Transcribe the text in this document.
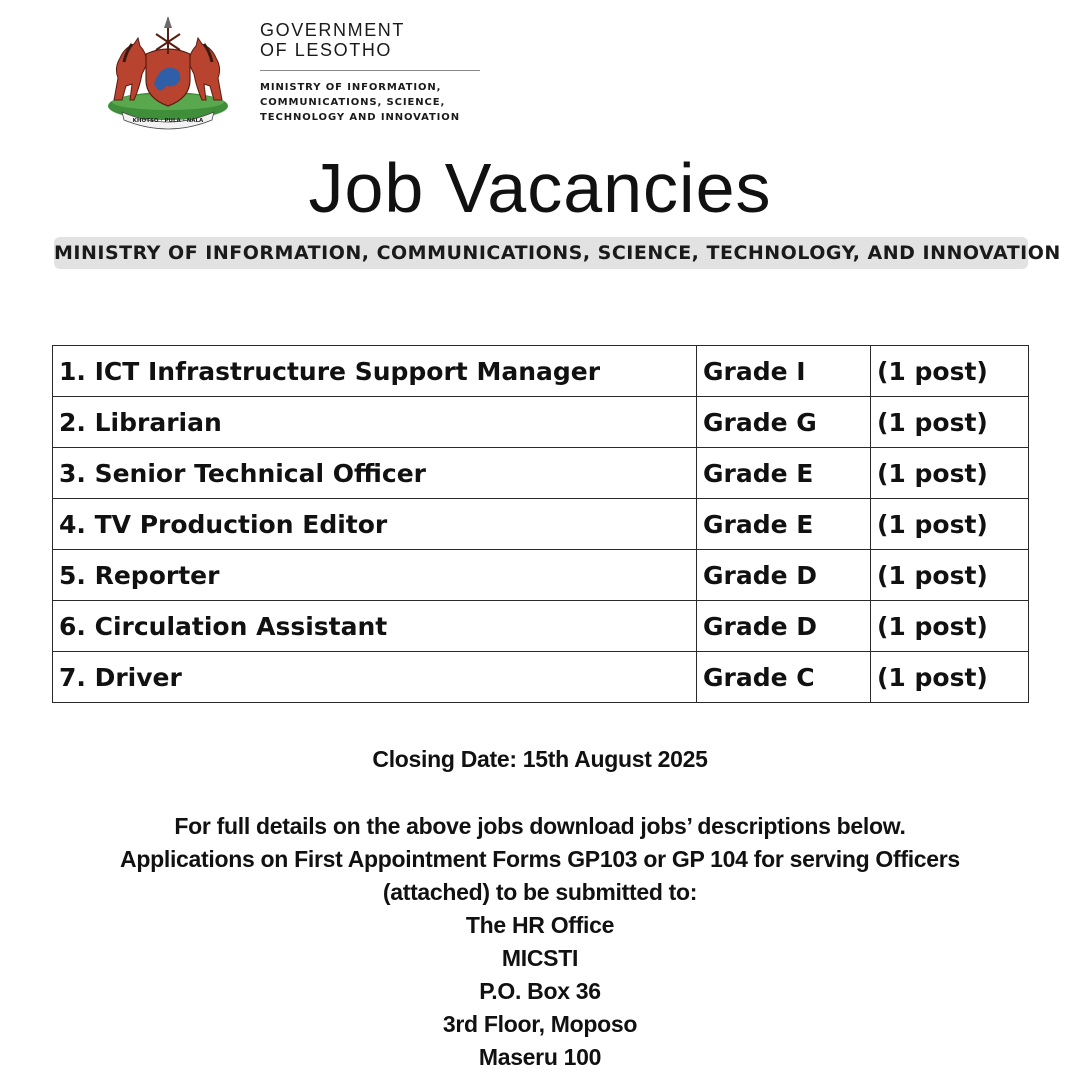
KHOTSO · PULA · NALA
GOVERNMENT
OF LESOTHO
MINISTRY OF INFORMATION,
COMMUNICATIONS, SCIENCE,
TECHNOLOGY AND INNOVATION
Job Vacancies
MINISTRY OF INFORMATION, COMMUNICATIONS, SCIENCE, TECHNOLOGY, AND INNOVATION
1. ICT Infrastructure Support Manager	Grade I	(1 post)
2. Librarian	Grade G	(1 post)
3. Senior Technical Officer	Grade E	(1 post)
4. TV Production Editor	Grade E	(1 post)
5. Reporter	Grade D	(1 post)
6. Circulation Assistant	Grade D	(1 post)
7. Driver	Grade C	(1 post)
Closing Date: 15th August 2025
For full details on the above jobs download jobs’ descriptions below.
Applications on First Appointment Forms GP103 or GP 104 for serving Officers
(attached) to be submitted to:
The HR Office
MICSTI
P.O. Box 36
3rd Floor, Moposo
Maseru 100
